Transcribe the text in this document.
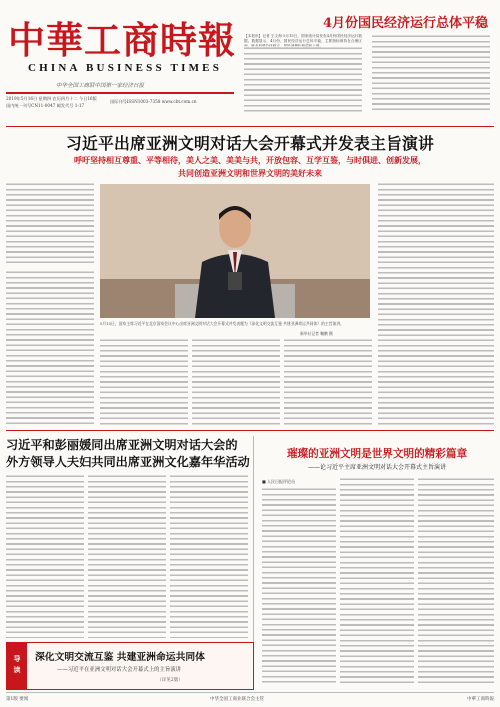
中華工商時報
CHINA BUSINESS TIMES
中华全国工商联中国第一家经济日报
2019年5月16日 星期四 农历四月十二 今日16版
国内统一刊号CN11-0047 邮发代号 1-17
国际刊号ISSN1003-7358 www.cbt.com.cn
4月份国民经济运行总体平稳
【本报讯】记者 王文海 5月15日，国家统计局发布4月份国民经济运行数据。数据显示，4月份，国民经济运行总体平稳，主要指标保持在合理区
习近平出席亚洲文明对话大会开幕式并发表主旨演讲
呼吁坚持相互尊重、平等相待，美人之美、美美与共，开放包容、互学互鉴，与时俱进、创新发展，
共同创造亚洲文明和世界文明的美好未来
5月15日，国家主席习近平在北京国家会议中心出席亚洲文明对话大会开幕式并发表题为《深化文明交流互鉴 共建亚洲命运共同体》的主旨演讲。
新华社记者 鞠鹏 摄
习近平和彭丽媛同出席亚洲文明对话大会的
外方领导人夫妇共同出席亚洲文化嘉年华活动
璀璨的亚洲文明是世界文明的精彩篇章
——论习近平主席亚洲文明对话大会开幕式主旨演讲
■ 人民日报评论员
导读	深化文明交流互鉴 共建亚洲命运共同体
——习近平在亚洲文明对话大会开幕式上的主旨演讲
（详见2版）
第1版 要闻	中华全国工商业联合会主管	中華工商時報
